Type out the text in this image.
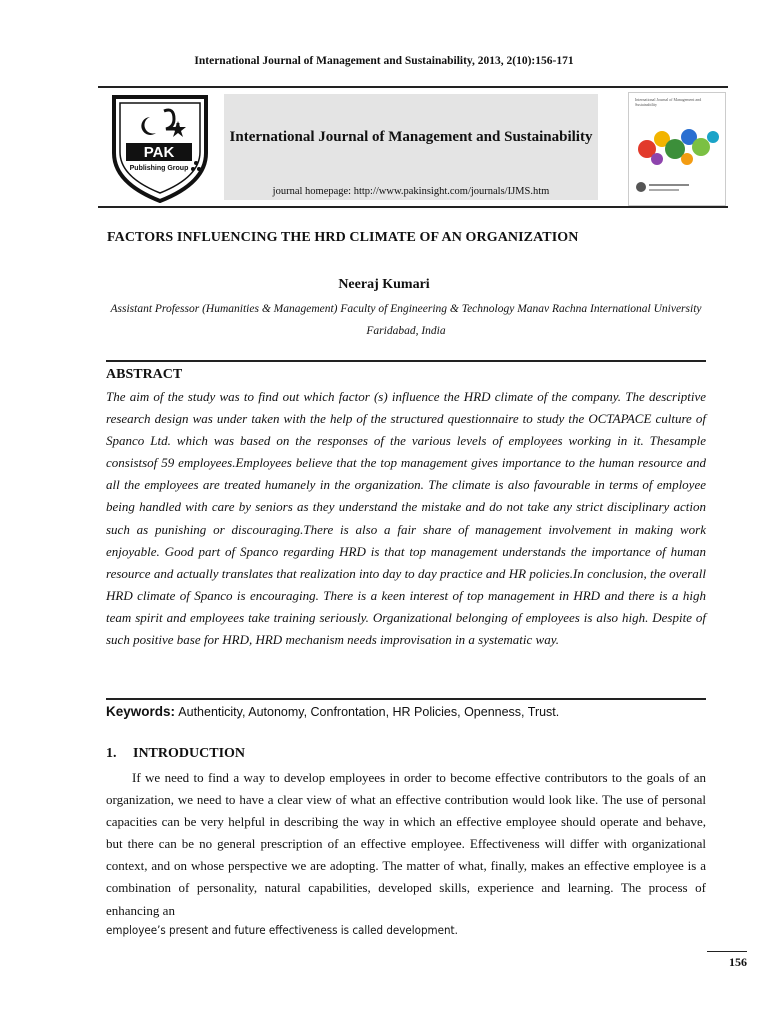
International Journal of Management and Sustainability, 2013, 2(10):156-171
PAK
Publishing Group
International Journal of Management and Sustainability
journal homepage: http://www.pakinsight.com/journals/IJMS.htm
International Journal of Management and Sustainability
FACTORS INFLUENCING THE HRD CLIMATE OF AN ORGANIZATION
Neeraj Kumari
Assistant Professor (Humanities & Management) Faculty of Engineering & Technology Manav Rachna International University Faridabad, India
ABSTRACT
The aim of the study was to find out which factor (s) influence the HRD climate of the company. The descriptive research design was under taken with the help of the structured questionnaire to study the OCTAPACE culture of Spanco Ltd. which was based on the responses of the various levels of employees working in it. Thesample consistsof 59 employees.Employees believe that the top management gives importance to the human resource and all the employees are treated humanely in the organization. The climate is also favourable in terms of employee being handled with care by seniors as they understand the mistake and do not take any strict disciplinary action such as punishing or discouraging.There is also a fair share of management involvement in making work enjoyable. Good part of Spanco regarding HRD is that top management understands the importance of human resource and actually translates that realization into day to day practice and HR policies.In conclusion, the overall HRD climate of Spanco is encouraging. There is a keen interest of top management in HRD and there is a high team spirit and employees take training seriously. Organizational belonging of employees is also high. Despite of such positive base for HRD, HRD mechanism needs improvisation in a systematic way.
Keywords: Authenticity, Autonomy, Confrontation, HR Policies, Openness, Trust.
1. INTRODUCTION
If we need to find a way to develop employees in order to become effective contributors to the goals of an organization, we need to have a clear view of what an effective contribution would look like. The use of personal capacities can be very helpful in describing the way in which an effective employee should operate and behave, but there can be no general prescription of an effective employee. Effectiveness will differ with organizational context, and on whose perspective we are adopting. The matter of what, finally, makes an effective employee is a combination of personality, natural capabilities, developed skills, experience and learning. The process of enhancing an
employee’s present and future effectiveness is called development.
156
